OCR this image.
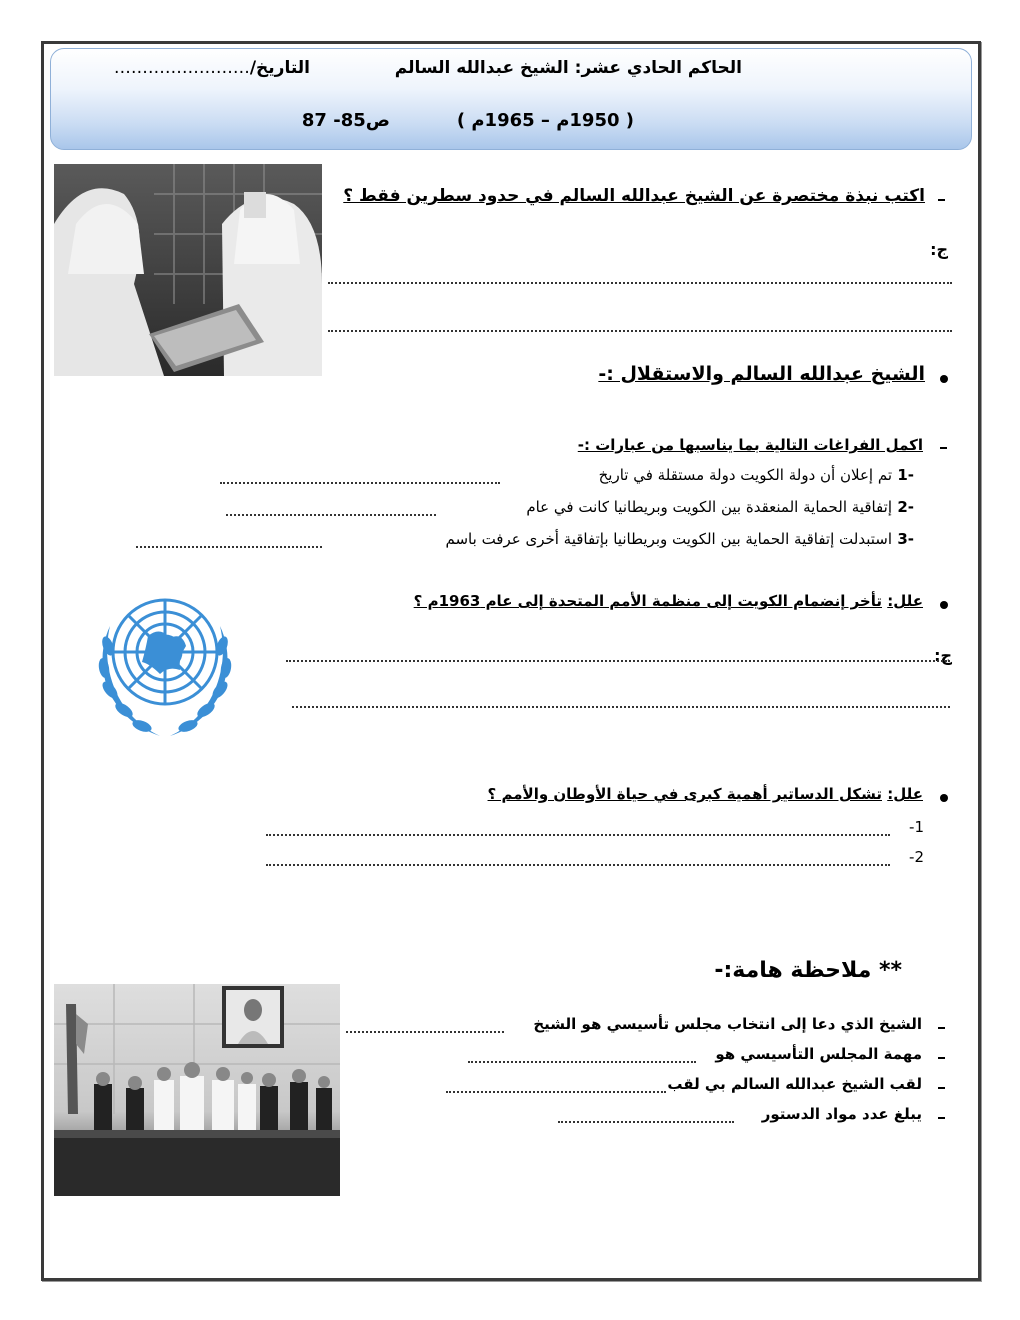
الحاكم الحادي عشر: الشيخ عبدالله السالم
التاريخ/……………………
( 1950م – 1965م )
ص85- 87
اكتب نبذة مختصرة عن الشيخ عبدالله السالم في حدود سطرين فقط ؟
ج:
الشيخ عبدالله السالم والاستقلال :-
اكمل الفراغات التالية بما يناسبها من عبارات :-
1-
تم إعلان أن دولة الكويت دولة مستقلة في تاريخ
2-
إتفاقية الحماية المنعقدة بين الكويت وبريطانيا كانت في عام
3-
استبدلت إتفاقية الحماية بين الكويت وبريطانيا بإتفاقية أخرى عرفت باسم
علل: تأخر إنضمام الكويت إلى منظمة الأمم المتحدة إلى عام 1963م ؟
ج:
علل: تشكل الدساتير أهمية كبرى في حياة الأوطان والأمم ؟
-1
-2
** ملاحظة هامة:-
الشيخ الذي دعا إلى انتخاب مجلس تأسيسي هو الشيخ
مهمة المجلس التأسيسي هو
لقب الشيخ عبدالله السالم بي لقب
يبلغ عدد مواد الدستور
